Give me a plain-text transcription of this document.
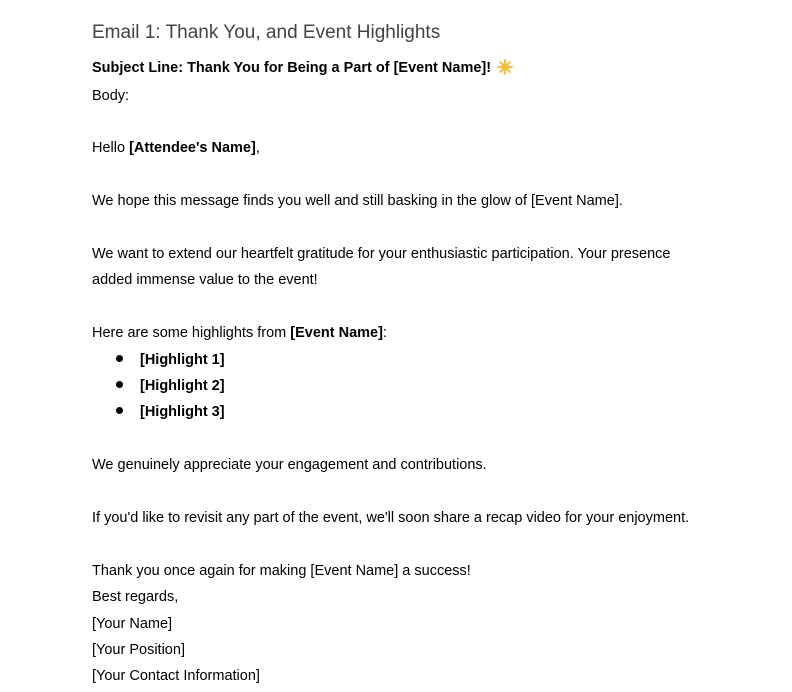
Email 1: Thank You, and Event Highlights
Subject Line: Thank You for Being a Part of [Event Name]!
Body:
Hello [Attendee's Name],
We hope this message finds you well and still basking in the glow of [Event Name].
We want to extend our heartfelt gratitude for your enthusiastic participation. Your presence
added immense value to the event!
Here are some highlights from [Event Name]:
[Highlight 1]
[Highlight 2]
[Highlight 3]
We genuinely appreciate your engagement and contributions.
If you'd like to revisit any part of the event, we'll soon share a recap video for your enjoyment.
Thank you once again for making [Event Name] a success!
Best regards,
[Your Name]
[Your Position]
[Your Contact Information]
